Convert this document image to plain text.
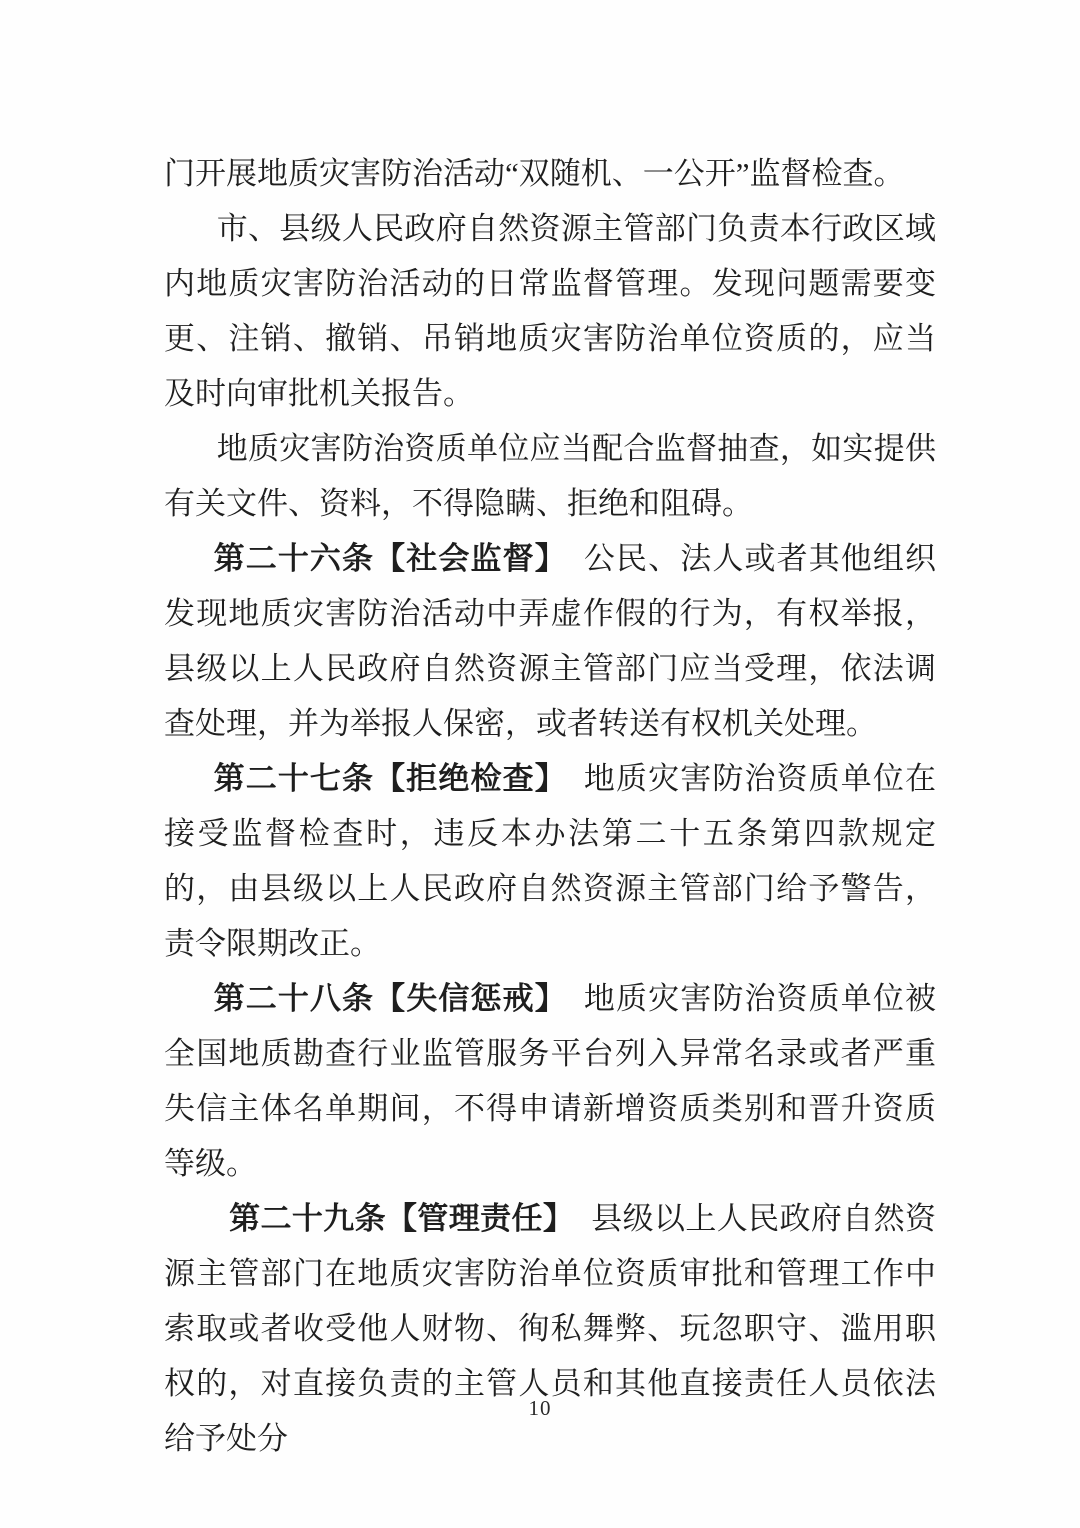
门开展地质灾害防治活动“双随机、一公开”监督检查。

市、县级人民政府自然资源主管部门负责本行政区域内地质灾害防治活动的日常监督管理。发现问题需要变更、注销、撤销、吊销地质灾害防治单位资质的，应当及时向审批机关报告。

地质灾害防治资质单位应当配合监督抽查，如实提供有关文件、资料，不得隐瞒、拒绝和阻碍。

第二十六条【社会监督】 公民、法人或者其他组织发现地质灾害防治活动中弄虚作假的行为，有权举报，县级以上人民政府自然资源主管部门应当受理，依法调查处理，并为举报人保密，或者转送有权机关处理。

第二十七条【拒绝检查】 地质灾害防治资质单位在接受监督检查时，违反本办法第二十五条第四款规定的，由县级以上人民政府自然资源主管部门给予警告，责令限期改正。

第二十八条【失信惩戒】 地质灾害防治资质单位被全国地质勘查行业监管服务平台列入异常名录或者严重失信主体名单期间，不得申请新增资质类别和晋升资质等级。

第二十九条【管理责任】 县级以上人民政府自然资源主管部门在地质灾害防治单位资质审批和管理工作中索取或者收受他人财物、徇私舞弊、玩忽职守、滥用职权的，对直接负责的主管人员和其他直接责任人员依法给予处分

10
